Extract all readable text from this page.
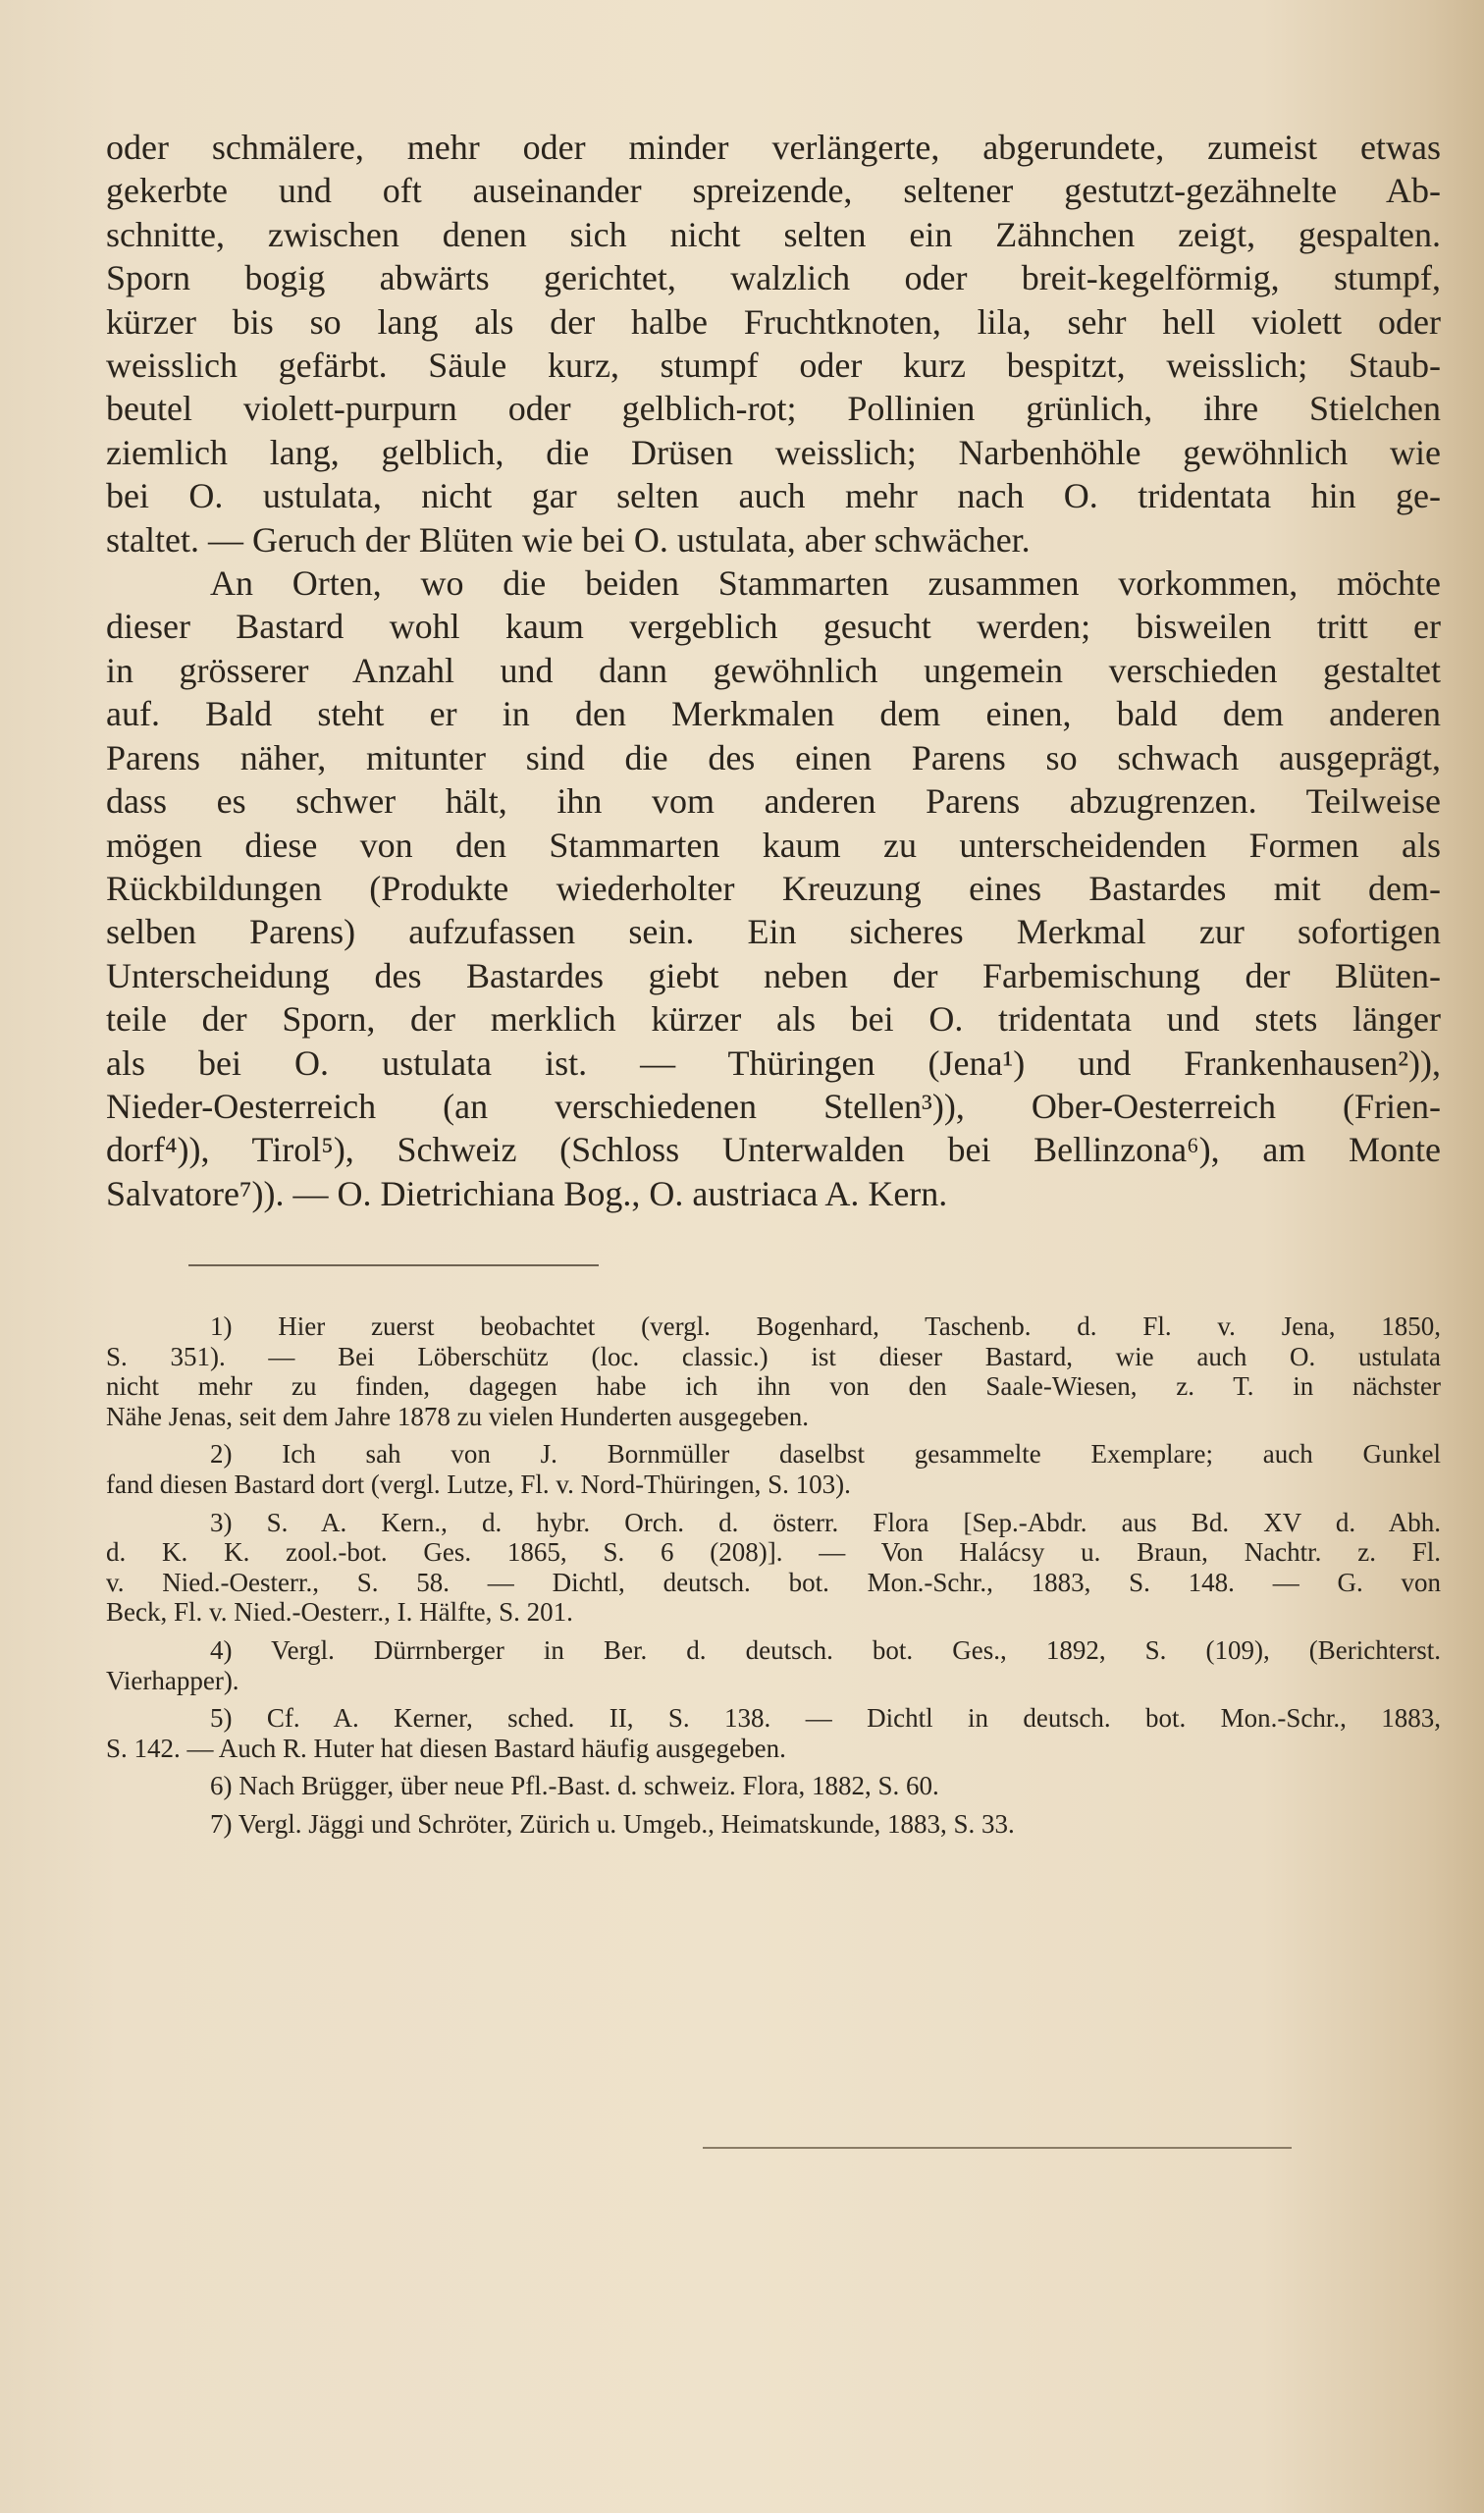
oder schmälere, mehr oder minder verlängerte, abgerundete, zumeist etwas
gekerbte und oft auseinander spreizende, seltener gestutzt-gezähnelte Ab-
schnitte, zwischen denen sich nicht selten ein Zähnchen zeigt, gespalten.
Sporn bogig abwärts gerichtet, walzlich oder breit-kegelförmig, stumpf,
kürzer bis so lang als der halbe Fruchtknoten, lila, sehr hell violett oder
weisslich gefärbt. Säule kurz, stumpf oder kurz bespitzt, weisslich; Staub-
beutel violett-purpurn oder gelblich-rot; Pollinien grünlich, ihre Stielchen
ziemlich lang, gelblich, die Drüsen weisslich; Narbenhöhle gewöhnlich wie
bei O. ustulata, nicht gar selten auch mehr nach O. tridentata hin ge-
staltet. — Geruch der Blüten wie bei O. ustulata, aber schwächer.

An Orten, wo die beiden Stammarten zusammen vorkommen, möchte
dieser Bastard wohl kaum vergeblich gesucht werden; bisweilen tritt er
in grösserer Anzahl und dann gewöhnlich ungemein verschieden gestaltet
auf. Bald steht er in den Merkmalen dem einen, bald dem anderen
Parens näher, mitunter sind die des einen Parens so schwach ausgeprägt,
dass es schwer hält, ihn vom anderen Parens abzugrenzen. Teilweise
mögen diese von den Stammarten kaum zu unterscheidenden Formen als
Rückbildungen (Produkte wiederholter Kreuzung eines Bastardes mit dem-
selben Parens) aufzufassen sein. Ein sicheres Merkmal zur sofortigen
Unterscheidung des Bastardes giebt neben der Farbemischung der Blüten-
teile der Sporn, der merklich kürzer als bei O. tridentata und stets länger
als bei O. ustulata ist. — Thüringen (Jena¹) und Frankenhausen²)),
Nieder-Oesterreich (an verschiedenen Stellen³)), Ober-Oesterreich (Frien-
dorf⁴)), Tirol⁵), Schweiz (Schloss Unterwalden bei Bellinzona⁶), am Monte
Salvatore⁷)). — O. Dietrichiana Bog., O. austriaca A. Kern.

1) Hier zuerst beobachtet (vergl. Bogenhard, Taschenb. d. Fl. v. Jena, 1850,
S. 351). — Bei Löberschütz (loc. classic.) ist dieser Bastard, wie auch O. ustulata
nicht mehr zu finden, dagegen habe ich ihn von den Saale-Wiesen, z. T. in nächster
Nähe Jenas, seit dem Jahre 1878 zu vielen Hunderten ausgegeben.
2) Ich sah von J. Bornmüller daselbst gesammelte Exemplare; auch Gunkel
fand diesen Bastard dort (vergl. Lutze, Fl. v. Nord-Thüringen, S. 103).
3) S. A. Kern., d. hybr. Orch. d. österr. Flora [Sep.-Abdr. aus Bd. XV d. Abh.
d. K. K. zool.-bot. Ges. 1865, S. 6 (208)]. — Von Halácsy u. Braun, Nachtr. z. Fl.
v. Nied.-Oesterr., S. 58. — Dichtl, deutsch. bot. Mon.-Schr., 1883, S. 148. — G. von
Beck, Fl. v. Nied.-Oesterr., I. Hälfte, S. 201.
4) Vergl. Dürrnberger in Ber. d. deutsch. bot. Ges., 1892, S. (109), (Berichterst.
Vierhapper).
5) Cf. A. Kerner, sched. II, S. 138. — Dichtl in deutsch. bot. Mon.-Schr., 1883,
S. 142. — Auch R. Huter hat diesen Bastard häufig ausgegeben.
6) Nach Brügger, über neue Pfl.-Bast. d. schweiz. Flora, 1882, S. 60.
7) Vergl. Jäggi und Schröter, Zürich u. Umgeb., Heimatskunde, 1883, S. 33.
